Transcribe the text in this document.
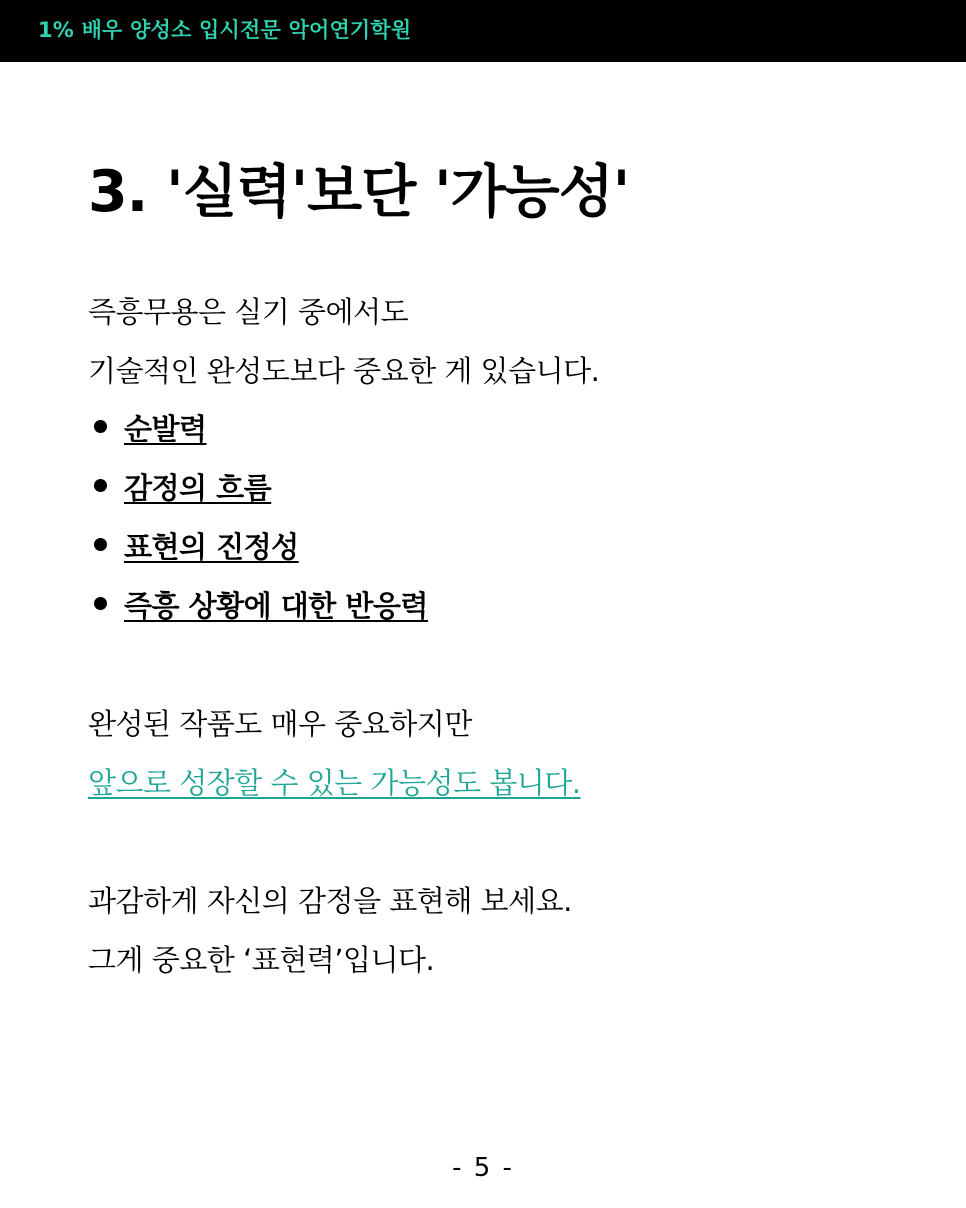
1% 배우 양성소 입시전문 악어연기학원
3. '실력'보단 '가능성'

즉흥무용은 실기 중에서도

기술적인 완성도보다 중요한 게 있습니다.

순발력
감정의 흐름
표현의 진정성
즉흥 상황에 대한 반응력

완성된 작품도 매우 중요하지만

앞으로 성장할 수 있는 가능성도 봅니다.

과감하게 자신의 감정을 표현해 보세요.

그게 중요한 ‘표현력’입니다.

- 5 -
